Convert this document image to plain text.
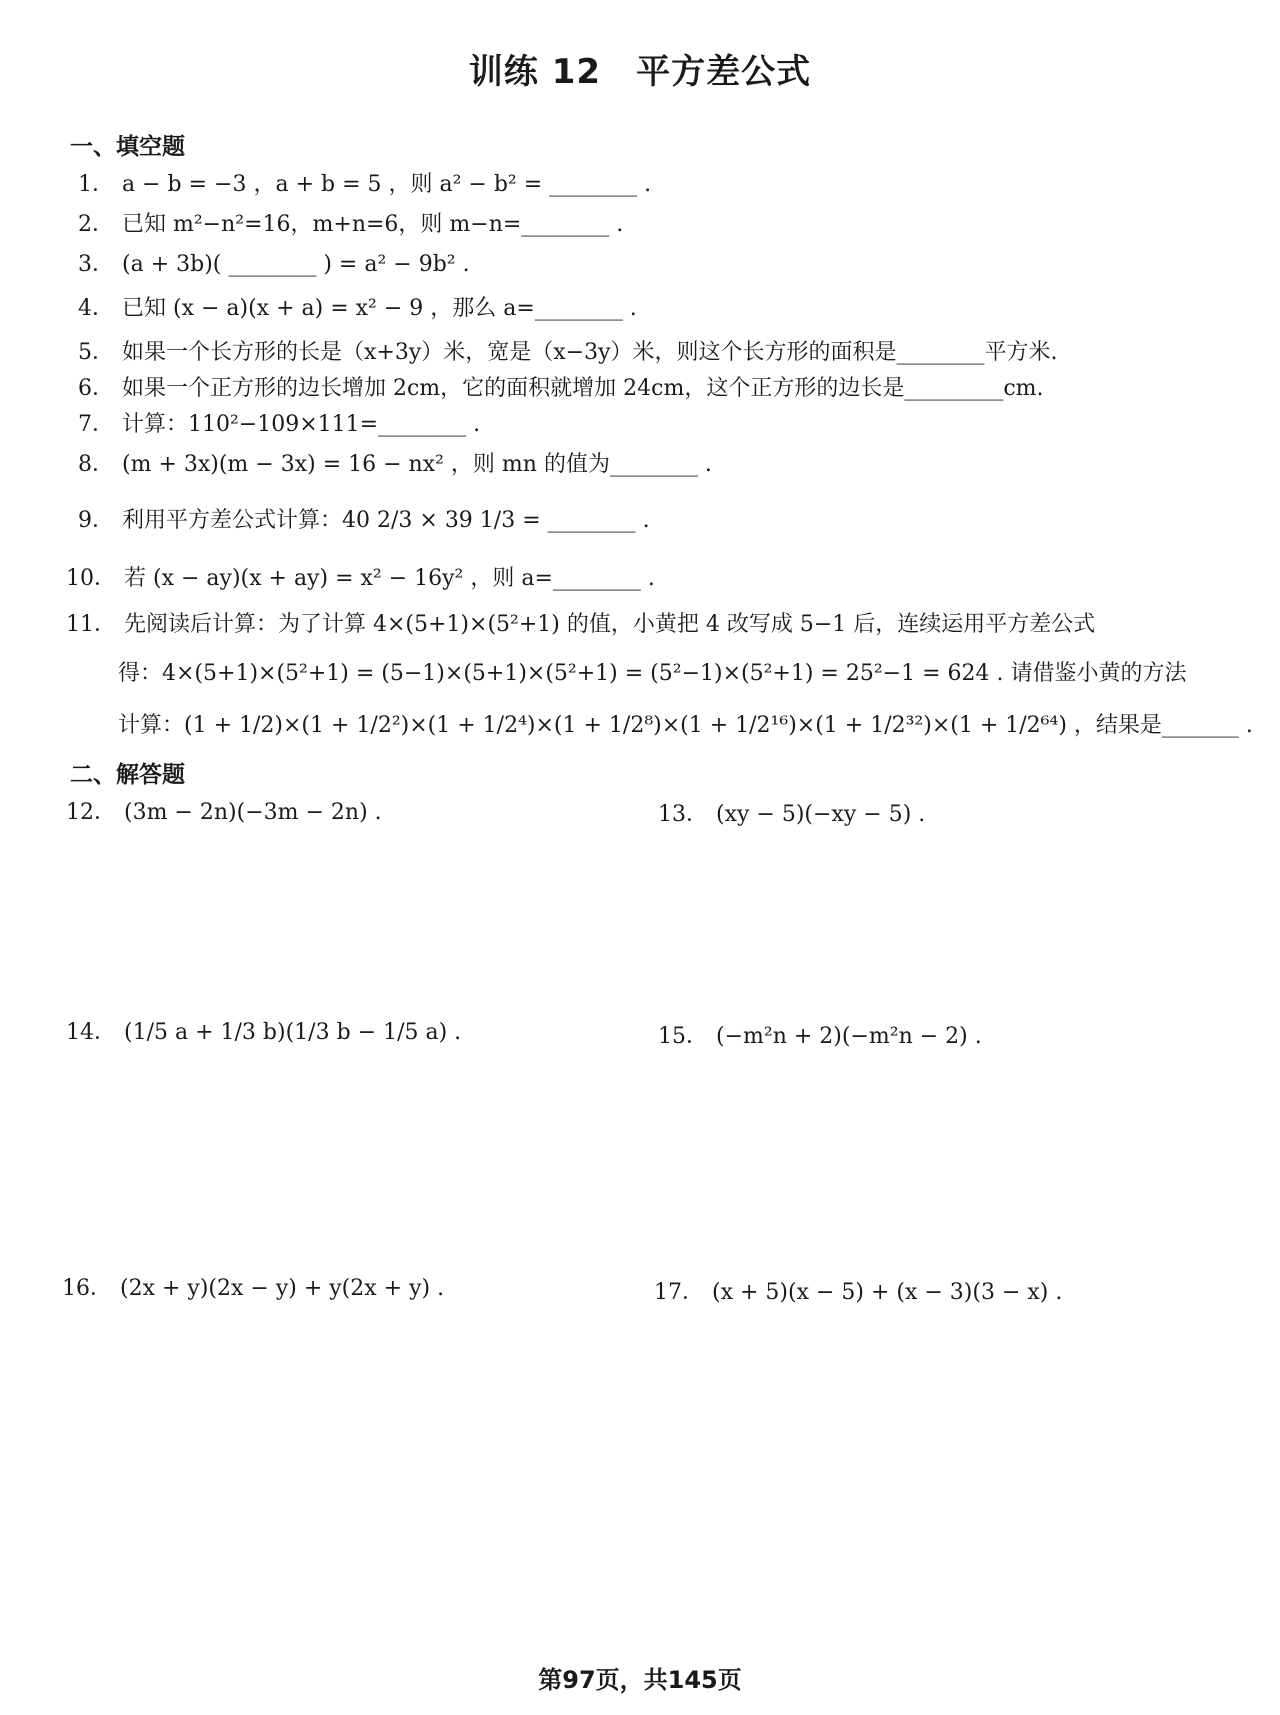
训练 12　平方差公式
一、填空题
1． a − b = −3 ，a + b = 5 ，则 a² − b² = ________ .
2． 已知 m²−n²=16，m+n=6，则 m−n=________ .
3． (a + 3b)( ________ ) = a² − 9b² .
4． 已知 (x − a)(x + a) = x² − 9 ，那么 a=________ .
5． 如果一个长方形的长是（x+3y）米，宽是（x−3y）米，则这个长方形的面积是________平方米.
6． 如果一个正方形的边长增加 2cm，它的面积就增加 24cm，这个正方形的边长是_________cm.
7． 计算：110²−109×111=________ .
8． (m + 3x)(m − 3x) = 16 − nx² ，则 mn 的值为________ .
9． 利用平方差公式计算：40 2/3 × 39 1/3 = ________ .
10． 若 (x − ay)(x + ay) = x² − 16y² ，则 a=________ .
11． 先阅读后计算：为了计算 4×(5+1)×(5²+1) 的值，小黄把 4 改写成 5−1 后，连续运用平方差公式
得：4×(5+1)×(5²+1) = (5−1)×(5+1)×(5²+1) = (5²−1)×(5²+1) = 25²−1 = 624 . 请借鉴小黄的方法
计算：(1 + 1/2)×(1 + 1/2²)×(1 + 1/2⁴)×(1 + 1/2⁸)×(1 + 1/2¹⁶)×(1 + 1/2³²)×(1 + 1/2⁶⁴) ，结果是_______ .
二、解答题
12． (3m − 2n)(−3m − 2n) .	13． (xy − 5)(−xy − 5) .
14． (1/5 a + 1/3 b)(1/3 b − 1/5 a) .	15． (−m²n + 2)(−m²n − 2) .
16． (2x + y)(2x − y) + y(2x + y) .	17． (x + 5)(x − 5) + (x − 3)(3 − x) .
第97页，共145页
